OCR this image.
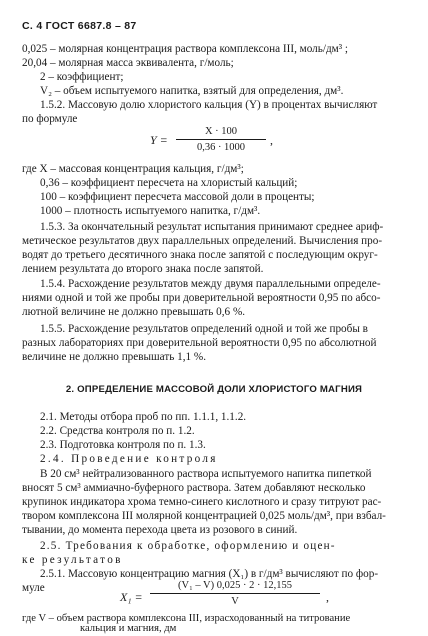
С. 4 ГОСТ 6687.8 – 87
0,025 – молярная концентрация раствора комплексона III, моль/дм³ ;
20,04 – молярная масса эквивалента, г/моль;
2 – коэффициент;
V₂ – объем испытуемого напитка, взятый для определения, дм³.
1.5.2. Массовую долю хлористого кальция (Y) в процентах вычисляют
по формуле
Y =
X · 100
0,36 · 1000
,
где X – массовая концентрация кальция, г/дм³;
0,36 – коэффициент пересчета на хлористый кальций;
100 – коэффициент пересчета массовой доли в проценты;
1000 – плотность испытуемого напитка, г/дм³.
1.5.3. За окончательный результат испытания принимают среднее ариф-
метическое результатов двух параллельных определений. Вычисления про-
водят до третьего десятичного знака после запятой с последующим округ-
лением результата до второго знака после запятой.
1.5.4. Расхождение результатов между двумя параллельными определе-
ниями одной и той же пробы при доверительной вероятности 0,95 по абсо-
лютной величине не должно превышать 0,6 %.
1.5.5. Расхождение результатов определений одной и той же пробы в
разных лабораториях при доверительной вероятности 0,95 по абсолютной
величине не должно превышать 1,1 %.
2. ОПРЕДЕЛЕНИЕ МАССОВОЙ ДОЛИ ХЛОРИСТОГО МАГНИЯ
2.1. Методы отбора проб по пп. 1.1.1, 1.1.2.
2.2. Средства контроля по п. 1.2.
2.3. Подготовка контроля по п. 1.3.
2.4. Проведение контроля
В 20 см³ нейтрализованного раствора испытуемого напитка пипеткой
вносят 5 см³ аммиачно-буферного раствора. Затем добавляют несколько
крупинок индикатора хрома темно-синего кислотного и сразу титруют рас-
твором комплексона III молярной концентрацией 0,025 моль/дм³, при взбал-
тывании, до момента перехода цвета из розового в синий.
2.5. Требования к обработке, оформлению и оцен-
ке результатов
2.5.1. Массовую концентрацию магния (X₁) в г/дм³ вычисляют по фор-
муле
X₁ =
(V₁ – V) 0,025 · 2 · 12,155
V	,
где V – объем раствора комплексона III, израсходованный на титрование
кальция и магния, дм
